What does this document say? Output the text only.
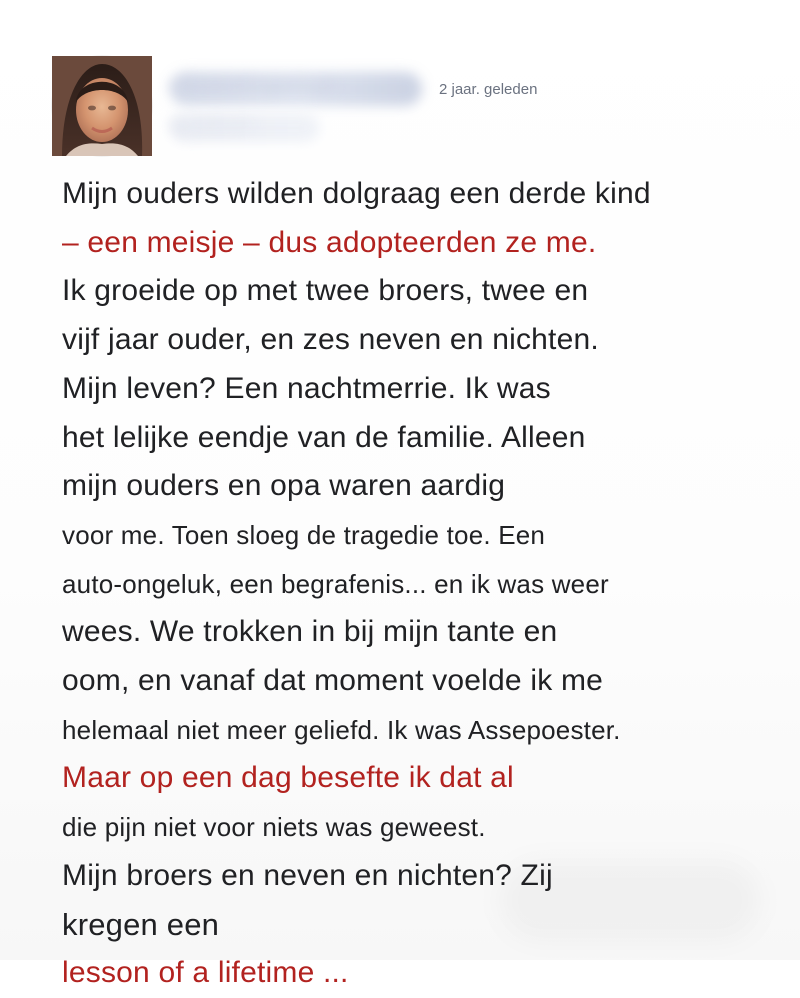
chloeeatingpeluga
by tatbum
2 jaar. geleden
Mijn ouders wilden dolgraag een derde kind
– een meisje – dus adopteerden ze me.
Ik groeide op met twee broers, twee en
vijf jaar ouder, en zes neven en nichten.
Mijn leven? Een nachtmerrie. Ik was
het lelijke eendje van de familie. Alleen
mijn ouders en opa waren aardig
voor me. Toen sloeg de tragedie toe. Een
auto-ongeluk, een begrafenis... en ik was weer
wees. We trokken in bij mijn tante en
oom, en vanaf dat moment voelde ik me
helemaal niet meer geliefd. Ik was Assepoester.
Maar op een dag besefte ik dat al
die pijn niet voor niets was geweest.
Mijn broers en neven en nichten? Zij
kregen een
lesson of a lifetime ...
